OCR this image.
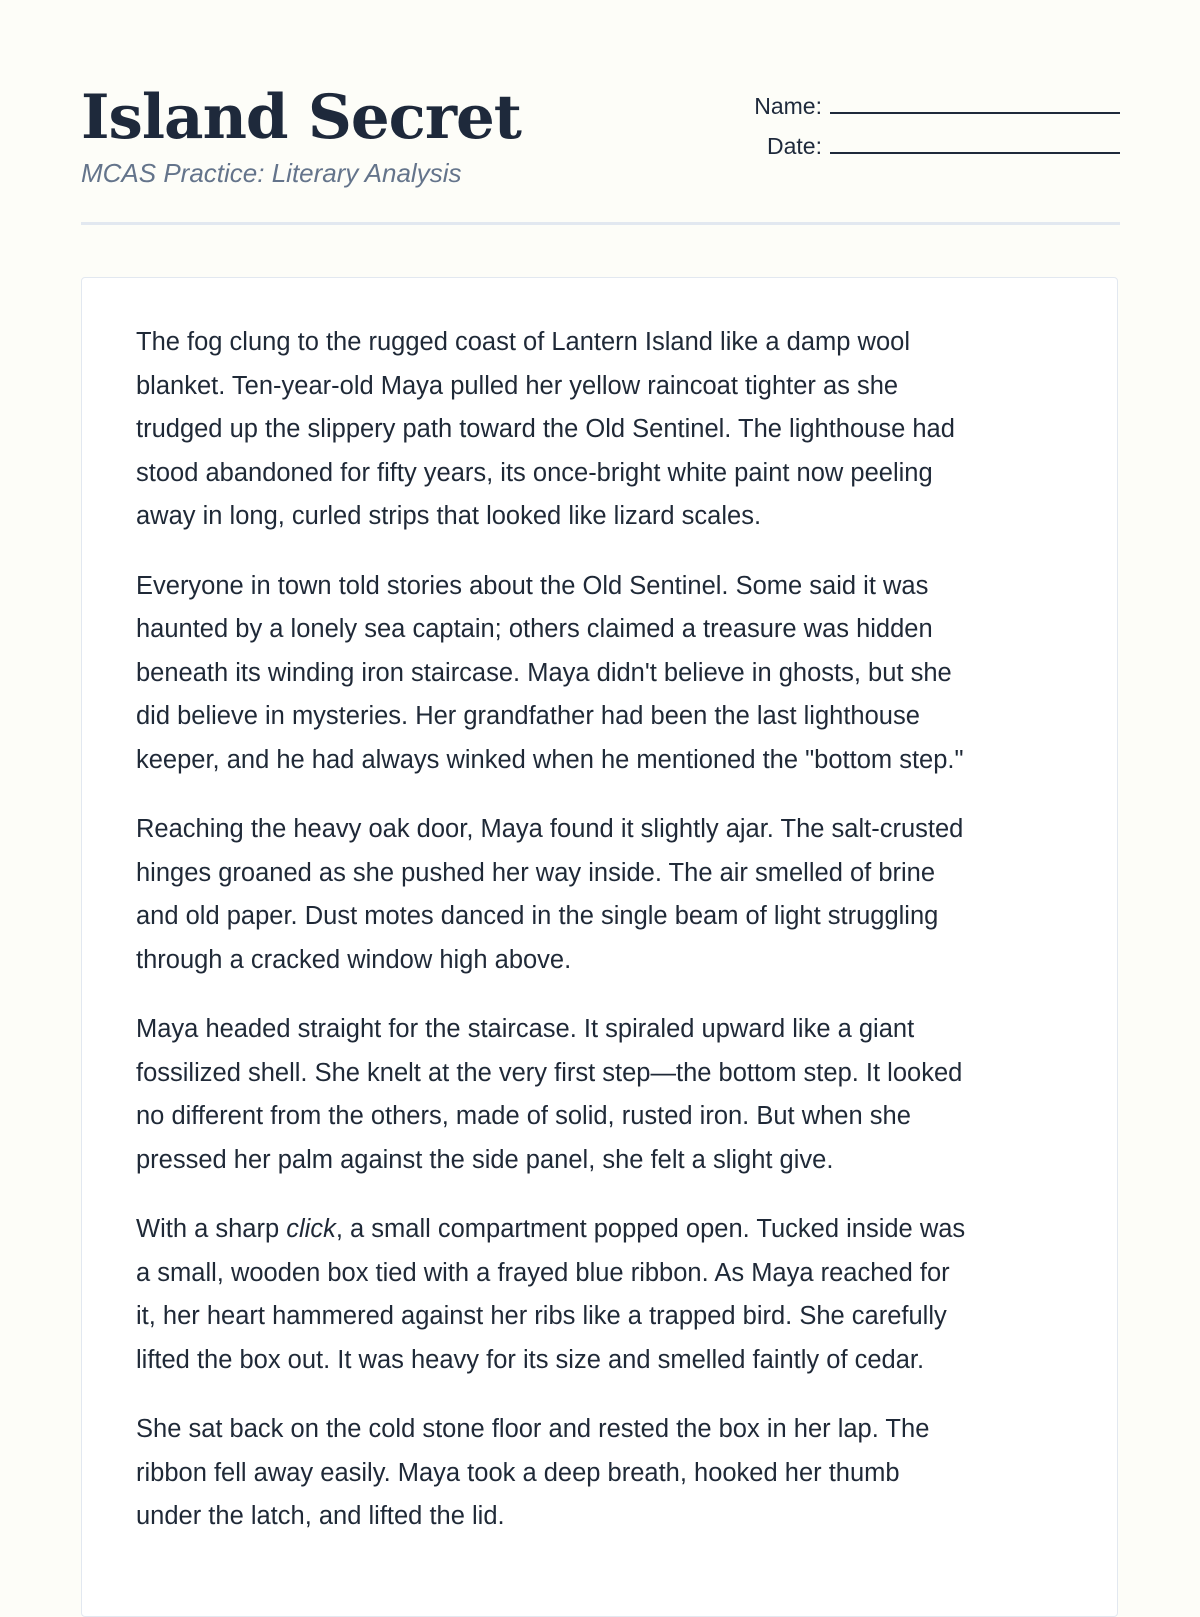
Island Secret
MCAS Practice: Literary Analysis
Name:
Date:

The fog clung to the rugged coast of Lantern Island like a damp wool
blanket. Ten-year-old Maya pulled her yellow raincoat tighter as she
trudged up the slippery path toward the Old Sentinel. The lighthouse had
stood abandoned for fifty years, its once-bright white paint now peeling
away in long, curled strips that looked like lizard scales.

Everyone in town told stories about the Old Sentinel. Some said it was
haunted by a lonely sea captain; others claimed a treasure was hidden
beneath its winding iron staircase. Maya didn't believe in ghosts, but she
did believe in mysteries. Her grandfather had been the last lighthouse
keeper, and he had always winked when he mentioned the "bottom step."

Reaching the heavy oak door, Maya found it slightly ajar. The salt-crusted
hinges groaned as she pushed her way inside. The air smelled of brine
and old paper. Dust motes danced in the single beam of light struggling
through a cracked window high above.

Maya headed straight for the staircase. It spiraled upward like a giant
fossilized shell. She knelt at the very first step—the bottom step. It looked
no different from the others, made of solid, rusted iron. But when she
pressed her palm against the side panel, she felt a slight give.

With a sharp click, a small compartment popped open. Tucked inside was
a small, wooden box tied with a frayed blue ribbon. As Maya reached for
it, her heart hammered against her ribs like a trapped bird. She carefully
lifted the box out. It was heavy for its size and smelled faintly of cedar.

She sat back on the cold stone floor and rested the box in her lap. The
ribbon fell away easily. Maya took a deep breath, hooked her thumb
under the latch, and lifted the lid.
